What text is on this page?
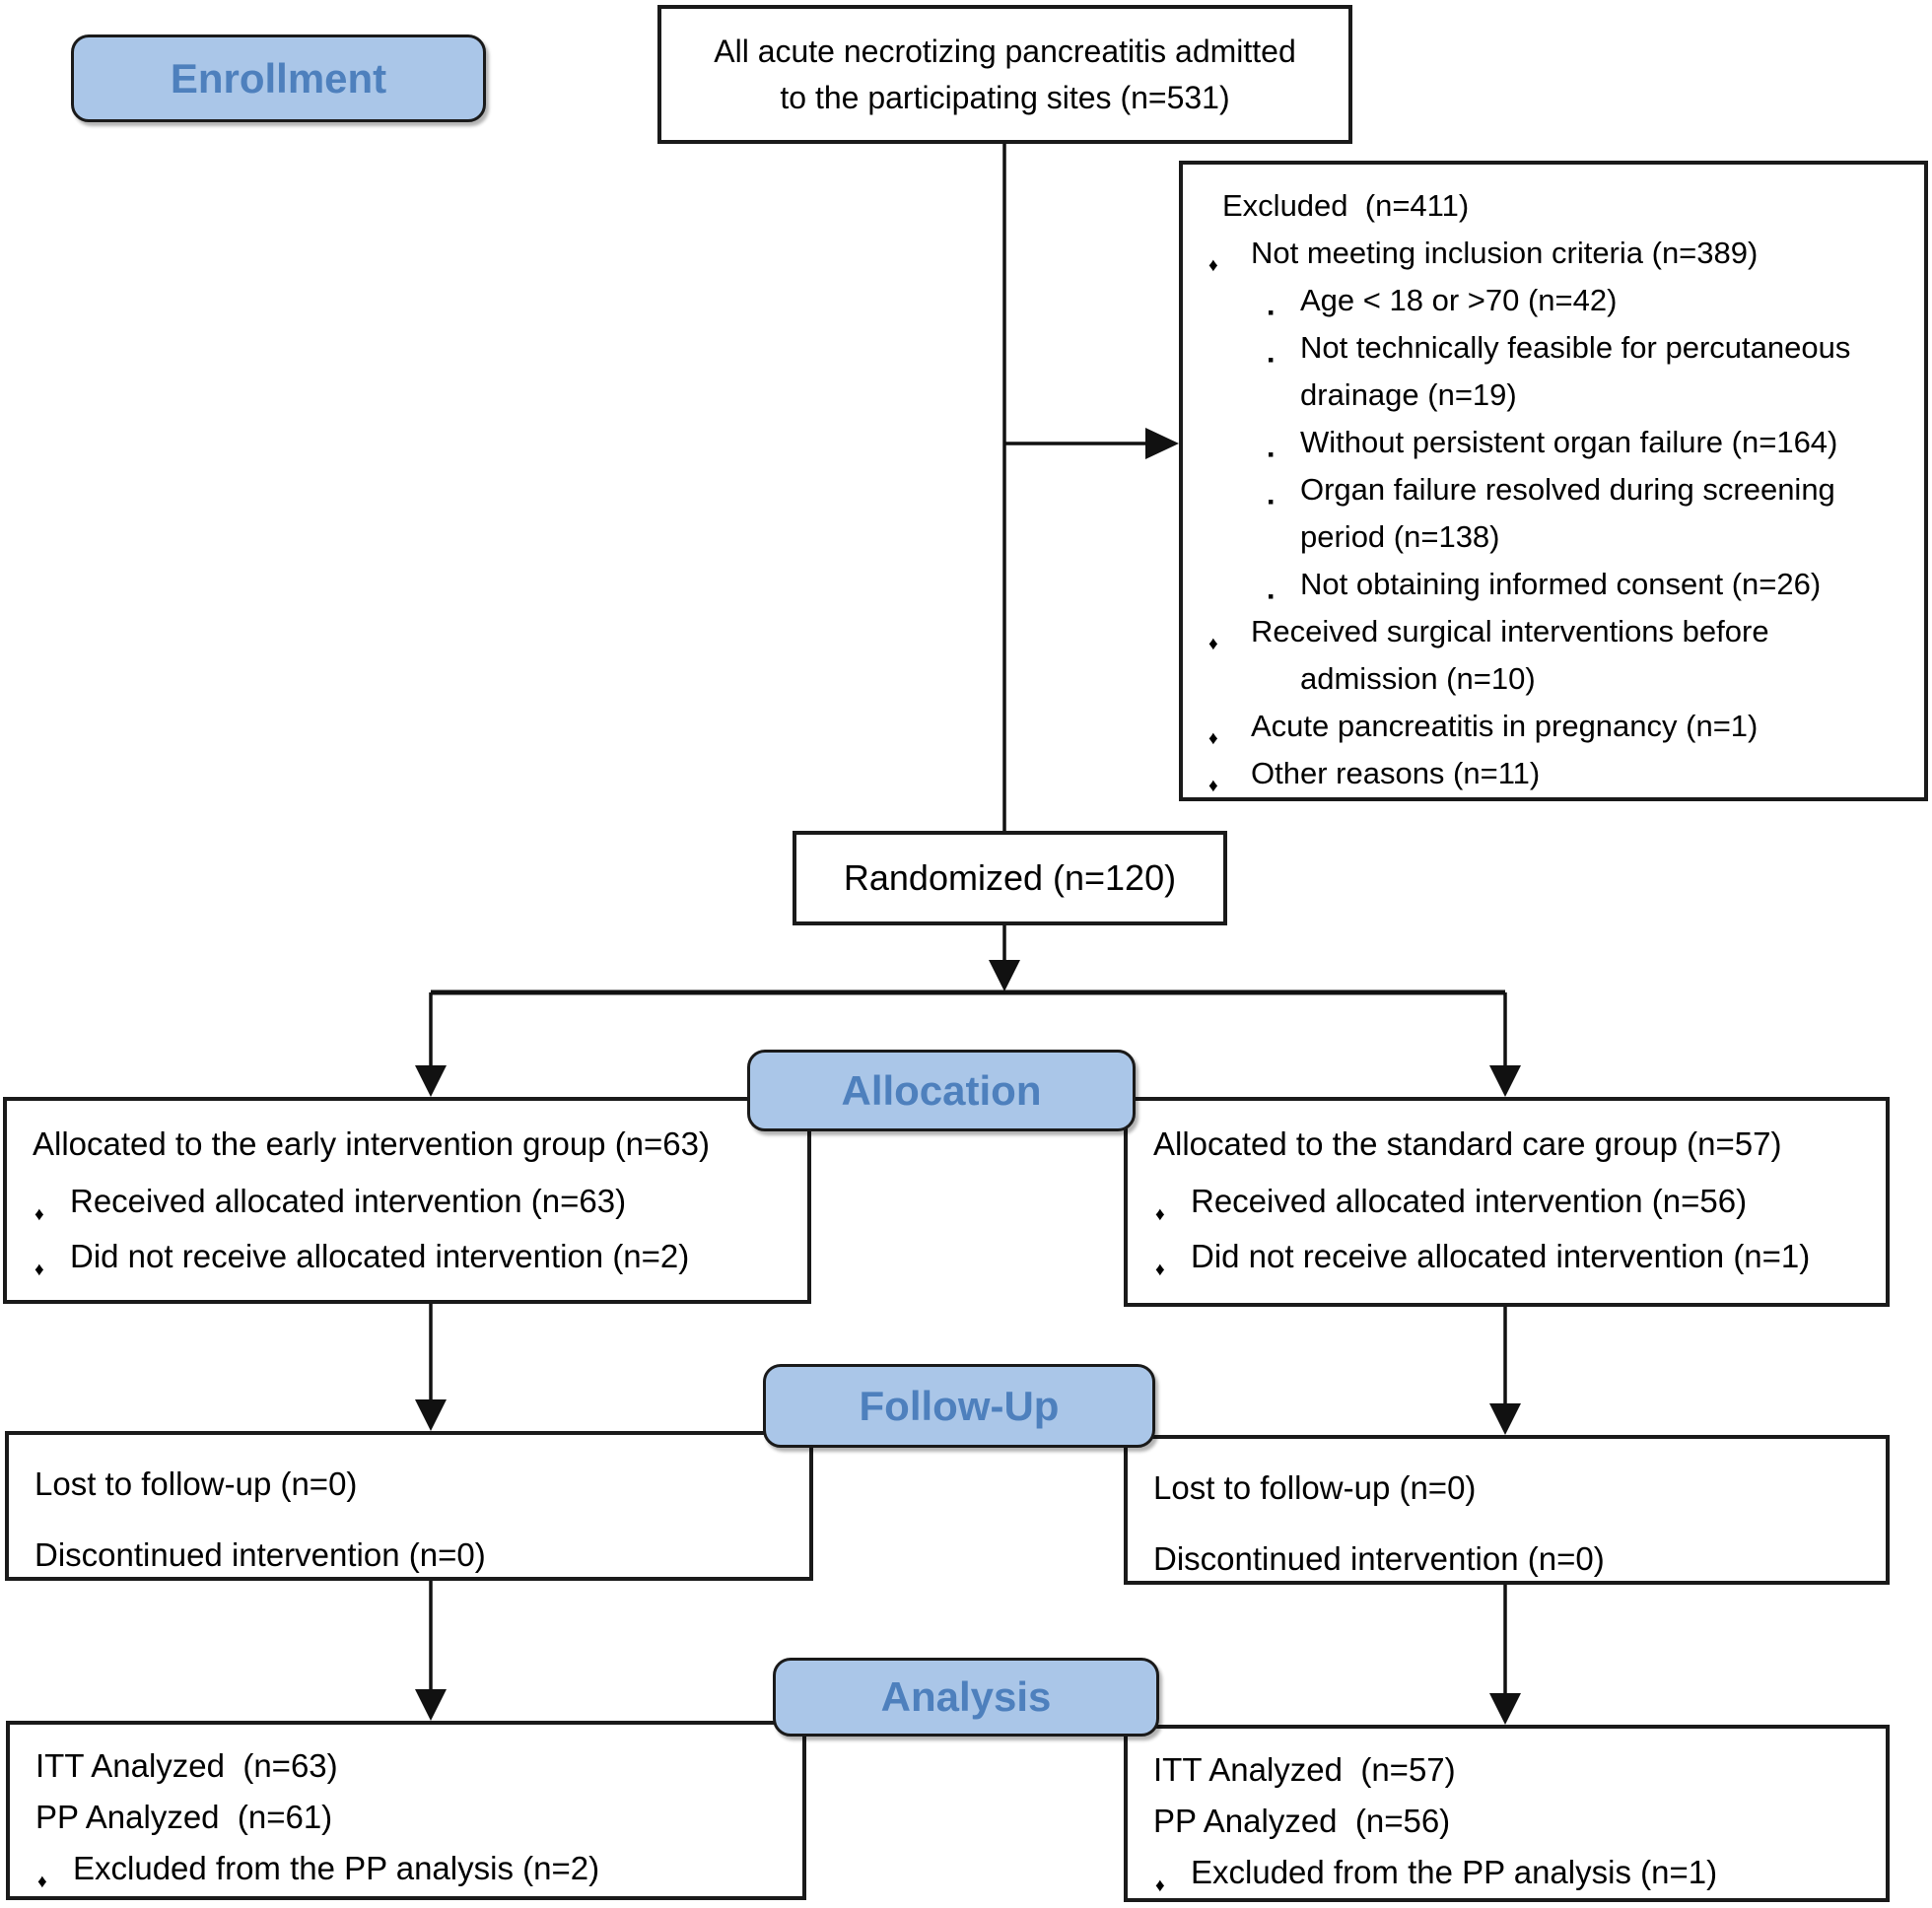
Enrollment
Allocation
Follow-Up
Analysis
All acute necrotizing pancreatitis admitted
to the participating sites (n=531)
Excluded  (n=411)
♦ Not meeting inclusion criteria (n=389)
▪ Age < 18 or >70 (n=42)
▪ Not technically feasible for percutaneous drainage (n=19)
▪ Without persistent organ failure (n=164)
▪ Organ failure resolved during screening period (n=138)
▪ Not obtaining informed consent (n=26)
♦ Received surgical interventions before admission (n=10)
♦ Acute pancreatitis in pregnancy (n=1)
♦ Other reasons (n=11)
Randomized (n=120)
Allocated to the early intervention group (n=63)
♦ Received allocated intervention (n=63)
♦ Did not receive allocated intervention (n=2)
Allocated to the standard care group (n=57)
♦ Received allocated intervention (n=56)
♦ Did not receive allocated intervention (n=1)
Lost to follow-up (n=0)
Discontinued intervention (n=0)
Lost to follow-up (n=0)
Discontinued intervention (n=0)
ITT Analyzed  (n=63)
PP Analyzed  (n=61)
♦ Excluded from the PP analysis (n=2)
ITT Analyzed  (n=57)
PP Analyzed  (n=56)
♦ Excluded from the PP analysis (n=1)
